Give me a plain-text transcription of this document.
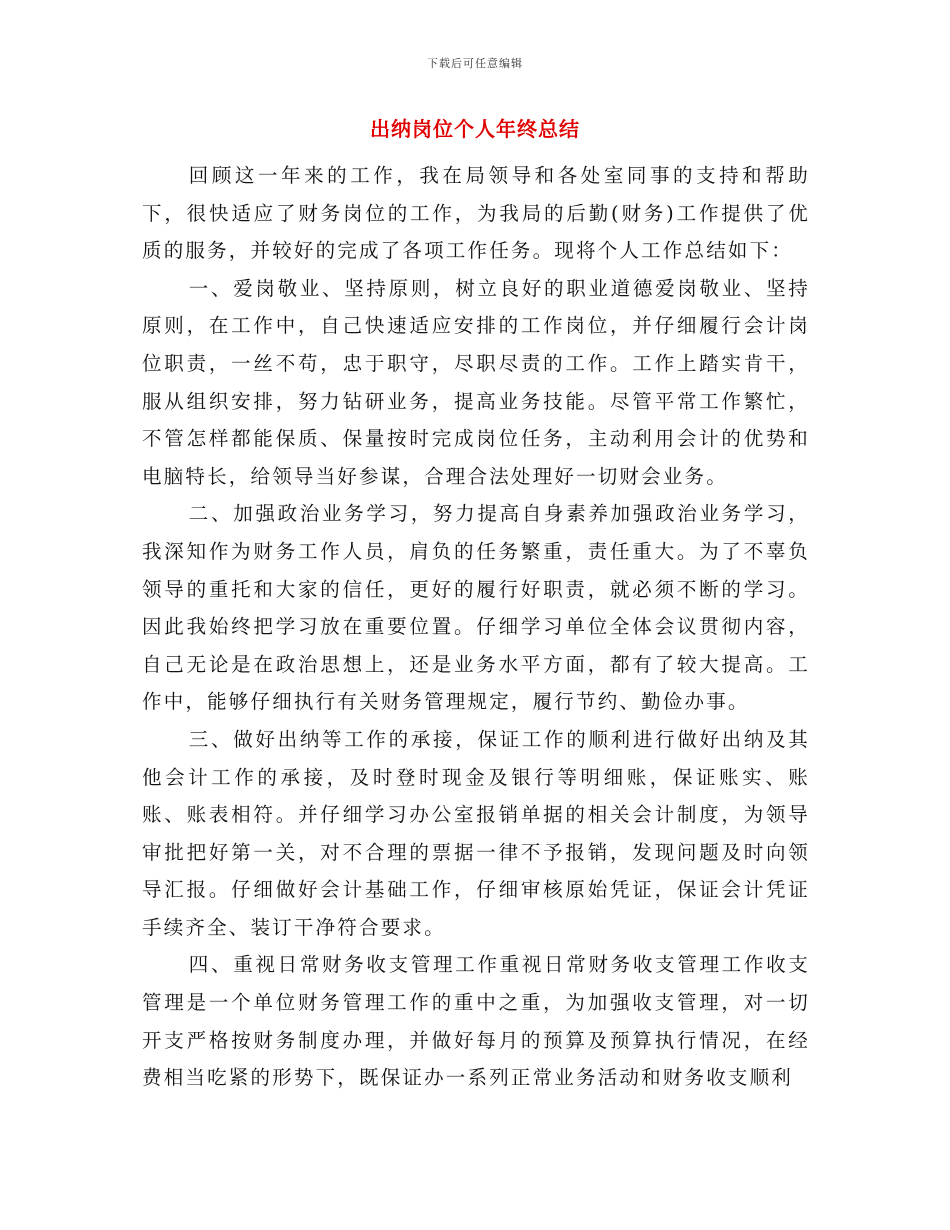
下载后可任意编辑
出纳岗位个人年终总结

回顾这一年来的工作，我在局领导和各处室同事的支持和帮助下，很快适应了财务岗位的工作，为我局的后勤(财务)工作提供了优质的服务，并较好的完成了各项工作任务。现将个人工作总结如下：

一、爱岗敬业、坚持原则，树立良好的职业道德爱岗敬业、坚持原则，在工作中，自己快速适应安排的工作岗位，并仔细履行会计岗位职责，一丝不苟，忠于职守，尽职尽责的工作。工作上踏实肯干，服从组织安排，努力钻研业务，提高业务技能。尽管平常工作繁忙，不管怎样都能保质、保量按时完成岗位任务，主动利用会计的优势和电脑特长，给领导当好参谋，合理合法处理好一切财会业务。

二、加强政治业务学习，努力提高自身素养加强政治业务学习，我深知作为财务工作人员，肩负的任务繁重，责任重大。为了不辜负领导的重托和大家的信任，更好的履行好职责，就必须不断的学习。因此我始终把学习放在重要位置。仔细学习单位全体会议贯彻内容，自己无论是在政治思想上，还是业务水平方面，都有了较大提高。工作中，能够仔细执行有关财务管理规定，履行节约、勤俭办事。

三、做好出纳等工作的承接，保证工作的顺利进行做好出纳及其他会计工作的承接，及时登时现金及银行等明细账，保证账实、账账、账表相符。并仔细学习办公室报销单据的相关会计制度，为领导审批把好第一关，对不合理的票据一律不予报销，发现问题及时向领导汇报。仔细做好会计基础工作，仔细审核原始凭证，保证会计凭证手续齐全、装订干净符合要求。

四、重视日常财务收支管理工作重视日常财务收支管理工作收支管理是一个单位财务管理工作的重中之重，为加强收支管理，对一切开支严格按财务制度办理，并做好每月的预算及预算执行情况，在经费相当吃紧的形势下，既保证办一系列正常业务活动和财务收支顺利
